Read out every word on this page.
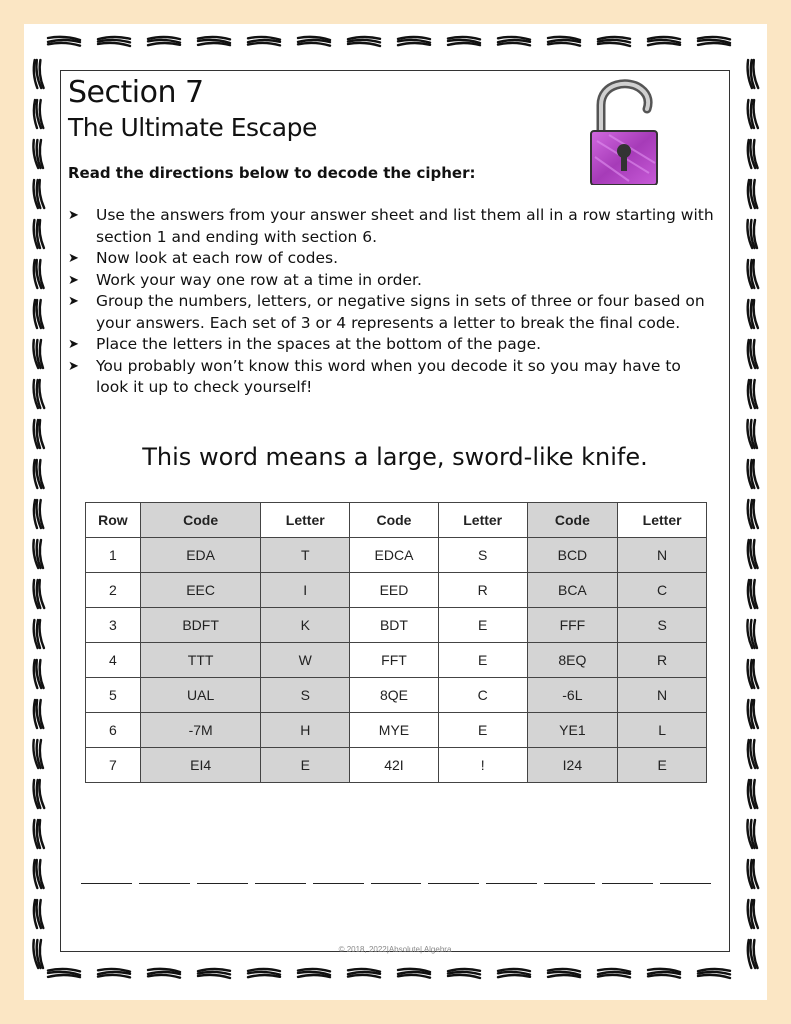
Section 7
The Ultimate Escape
Read the directions below to decode the cipher:
➤	Use the answers from your answer sheet and list them all in a row starting with section 1 and ending with section 6.
➤	Now look at each row of codes.
➤	Work your way one row at a time in order.
➤	Group the numbers, letters, or negative signs in sets of three or four based on your answers. Each set of 3 or 4 represents a letter to break the final code.
➤	Place the letters in the spaces at the bottom of the page.
➤	You probably won’t know this word when you decode it so you may have to look it up to check yourself!
This word means a large, sword-like knife.
Row	Code	Letter	Code	Letter	Code	Letter
1	EDA	T	EDCA	S	BCD	N
2	EEC	I	EED	R	BCA	C
3	BDFT	K	BDT	E	FFF	S
4	TTT	W	FFT	E	8EQ	R
5	UAL	S	8QE	C	-6L	N
6	-7M	H	MYE	E	YE1	L
7	EI4	E	42I	!	I24	E
© 2018, 2022|Absolute| Algebra
